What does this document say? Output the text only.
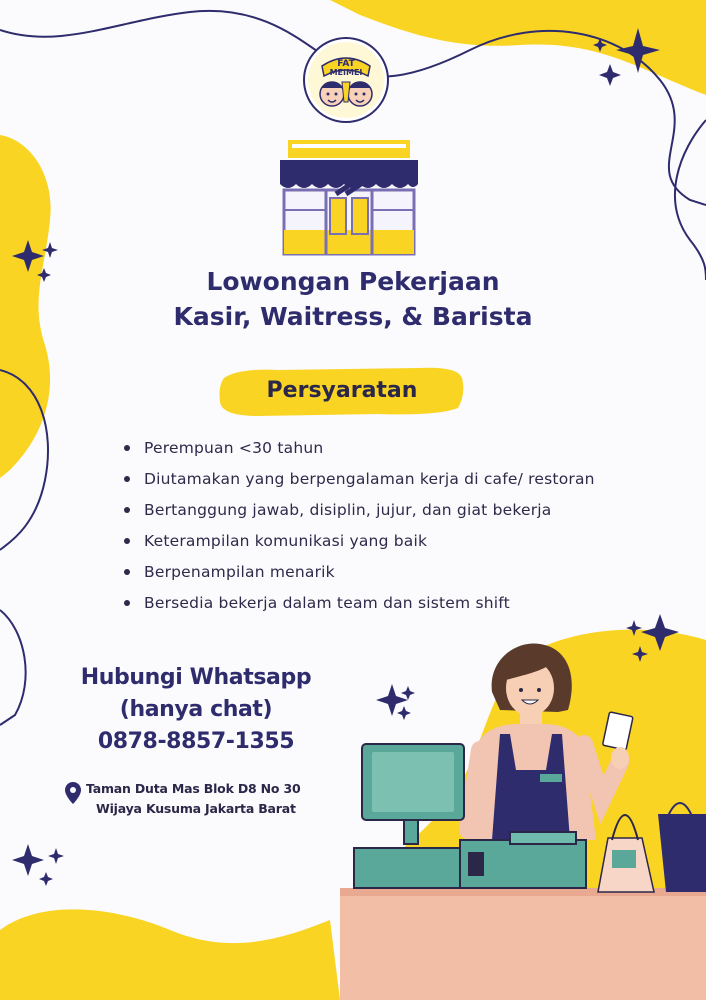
FAT
MEIMEI
Lowongan Pekerjaan
Kasir, Waitress, & Barista
Persyaratan
Perempuan <30 tahun
Diutamakan yang berpengalaman kerja di cafe/ restoran
Bertanggung jawab, disiplin, jujur, dan giat bekerja
Keterampilan komunikasi yang baik
Berpenampilan menarik
Bersedia bekerja dalam team dan sistem shift
Hubungi Whatsapp
(hanya chat)
0878-8857-1355
Taman Duta Mas Blok D8 No 30
Wijaya Kusuma Jakarta Barat
